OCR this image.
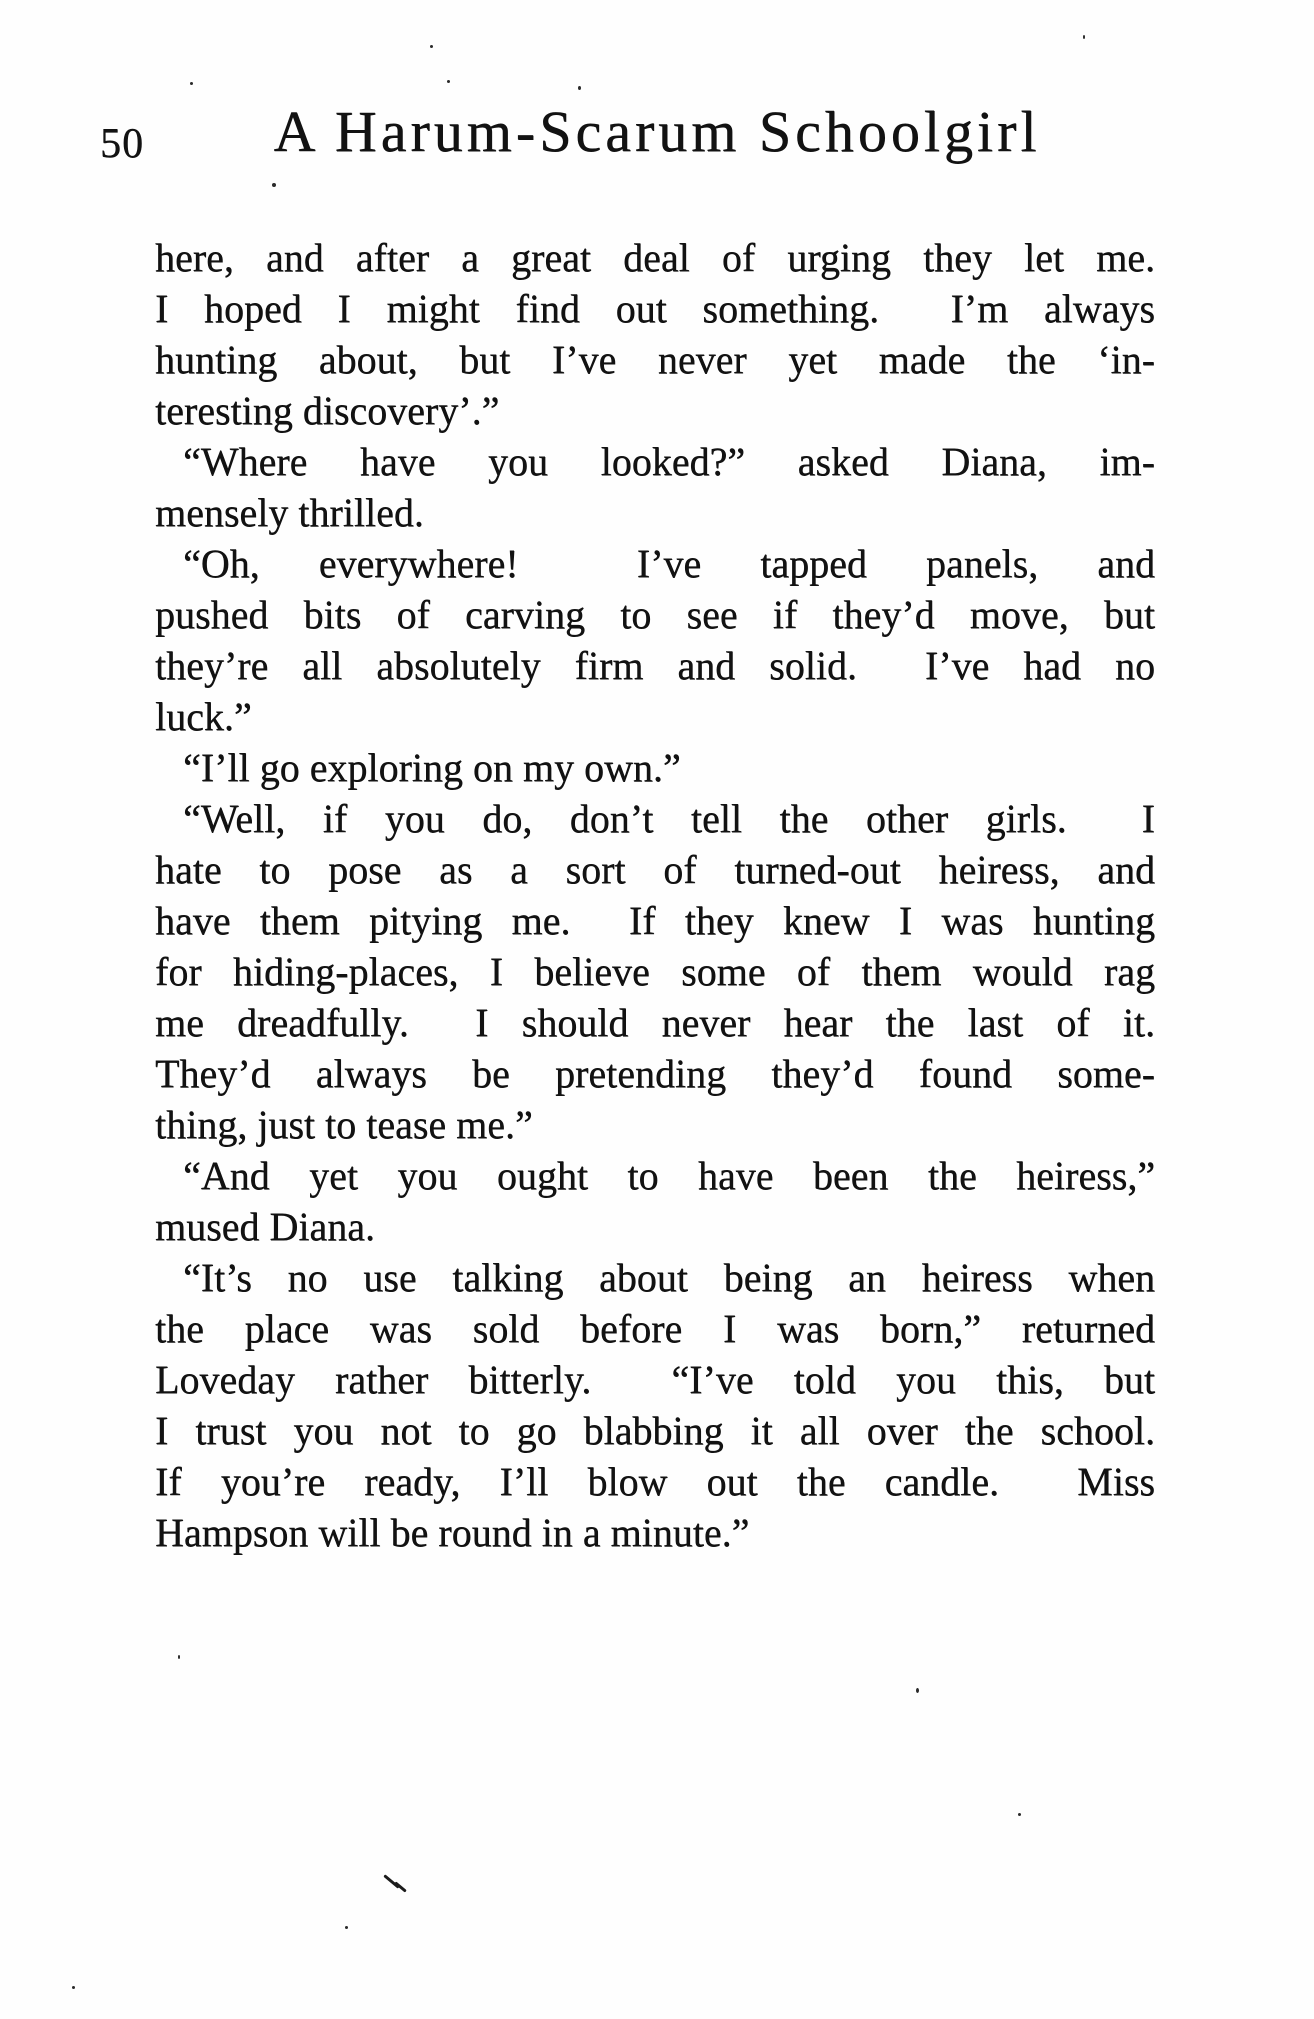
50	A Harum-Scarum Schoolgirl
here, and after a great deal of urging they let me.
I hoped I might find out something.  I’m always
hunting about, but I’ve never yet made the ‘in-
teresting discovery’.”
“Where have you looked?” asked Diana, im-
mensely thrilled.
“Oh, everywhere!  I’ve tapped panels, and
pushed bits of carving to see if they’d move, but
they’re all absolutely firm and solid.  I’ve had no
luck.”
“I’ll go exploring on my own.”
“Well, if you do, don’t tell the other girls.  I
hate to pose as a sort of turned-out heiress, and
have them pitying me.  If they knew I was hunting
for hiding-places, I believe some of them would rag
me dreadfully.  I should never hear the last of it.
They’d always be pretending they’d found some-
thing, just to tease me.”
“And yet you ought to have been the heiress,”
mused Diana.
“It’s no use talking about being an heiress when
the place was sold before I was born,” returned
Loveday rather bitterly.  “I’ve told you this, but
I trust you not to go blabbing it all over the school.
If you’re ready, I’ll blow out the candle.  Miss
Hampson will be round in a minute.”
